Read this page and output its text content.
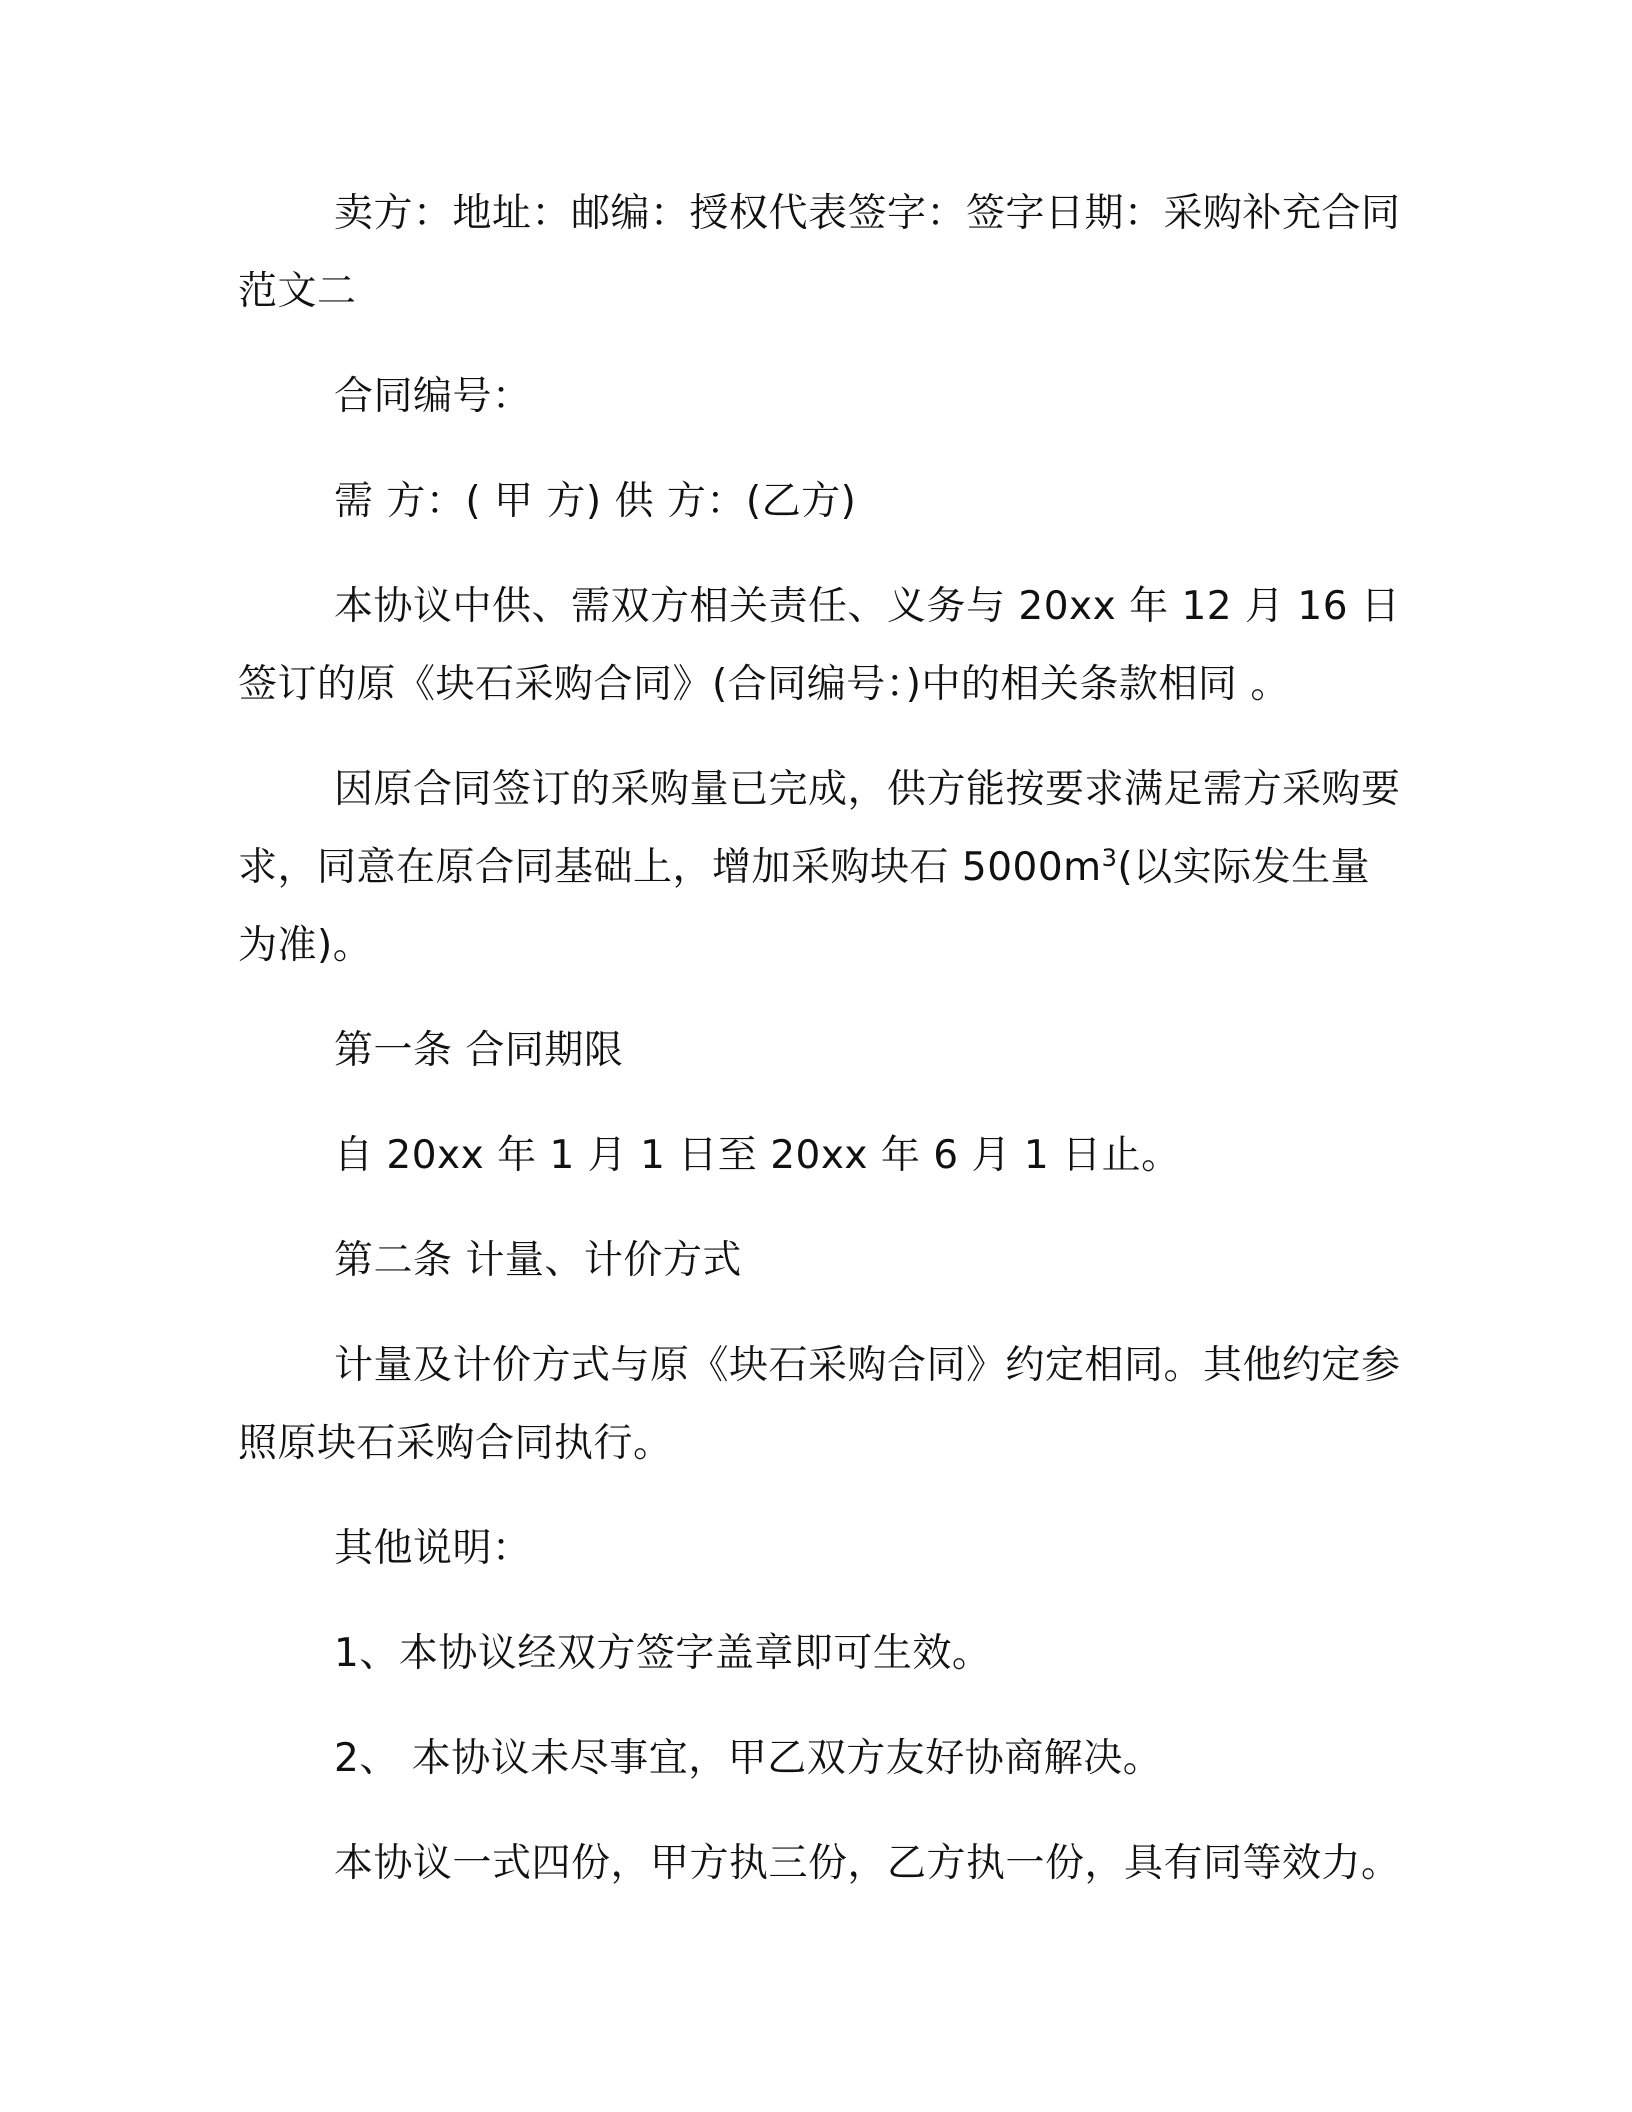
卖方：地址：邮编：授权代表签字：签字日期：采购补充合同范文二

合同编号：

需 方：( 甲 方) 供 方：(乙方)

本协议中供、需双方相关责任、义务与 20xx 年 12 月 16 日签订的原《块石采购合同》(合同编号：)中的相关条款相同 。

因原合同签订的采购量已完成，供方能按要求满足需方采购要求，同意在原合同基础上，增加采购块石 $5000m^3$(以实际发生量为准)。

第一条 合同期限

自 20xx 年 1 月 1 日至 20xx 年 6 月 1 日止。

第二条 计量、计价方式

计量及计价方式与原《块石采购合同》约定相同。其他约定参照原块石采购合同执行。

其他说明：

1、本协议经双方签字盖章即可生效。

2、 本协议未尽事宜，甲乙双方友好协商解决。

本协议一式四份，甲方执三份，乙方执一份，具有同等效力。
